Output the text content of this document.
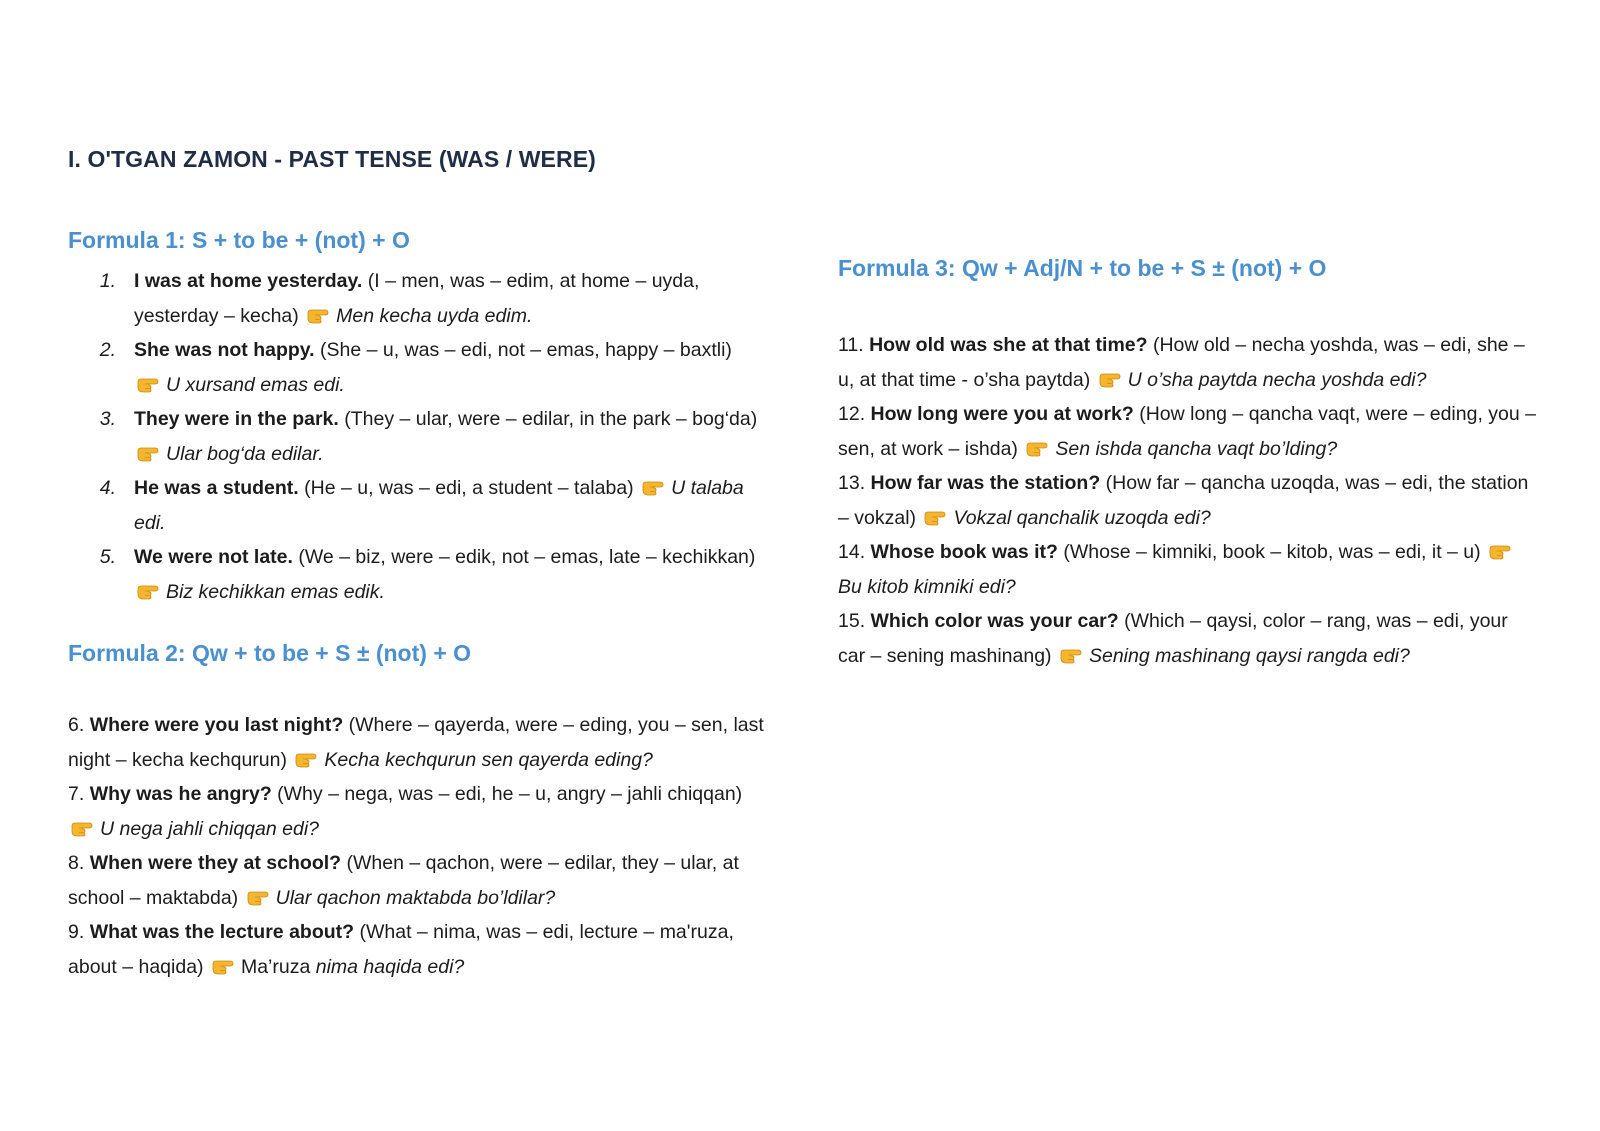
I. O'TGAN ZAMON - PAST TENSE (WAS / WERE)
Formula 1: S + to be + (not) + O
1. I was at home yesterday. (I – men, was – edim, at home – uyda, yesterday – kecha) Men kecha uyda edim.
2. She was not happy. (She – u, was – edi, not – emas, happy – baxtli) U xursand emas edi.
3. They were in the park. (They – ular, were – edilar, in the park – bog‘da) Ular bog‘da edilar.
4. He was a student. (He – u, was – edi, a student – talaba) U talaba edi.
5. We were not late. (We – biz, were – edik, not – emas, late – kechikkan) Biz kechikkan emas edik.
Formula 2: Qw + to be + S ± (not) + O

6. Where were you last night? (Where – qayerda, were – eding, you – sen, last night – kecha kechqurun) Kecha kechqurun sen qayerda eding?

7. Why was he angry? (Why – nega, was – edi, he – u, angry – jahli chiqqan) U nega jahli chiqqan edi?

8. When were they at school? (When – qachon, were – edilar, they – ular, at school – maktabda) Ular qachon maktabda bo’ldilar?

9. What was the lecture about? (What – nima, was – edi, lecture – ma'ruza, about – haqida) Ma’ruza nima haqida edi?

Formula 3: Qw + Adj/N + to be + S ± (not) + O

11. How old was she at that time? (How old – necha yoshda, was – edi, she – u, at that time - o’sha paytda) U o’sha paytda necha yoshda edi?

12. How long were you at work? (How long – qancha vaqt, were – eding, you – sen, at work – ishda) Sen ishda qancha vaqt bo’lding?

13. How far was the station? (How far – qancha uzoqda, was – edi, the station – vokzal) Vokzal qanchalik uzoqda edi?

14. Whose book was it? (Whose – kimniki, book – kitob, was – edi, it – u) Bu kitob kimniki edi?

15. Which color was your car? (Which – qaysi, color – rang, was – edi, your car – sening mashinang) Sening mashinang qaysi rangda edi?
